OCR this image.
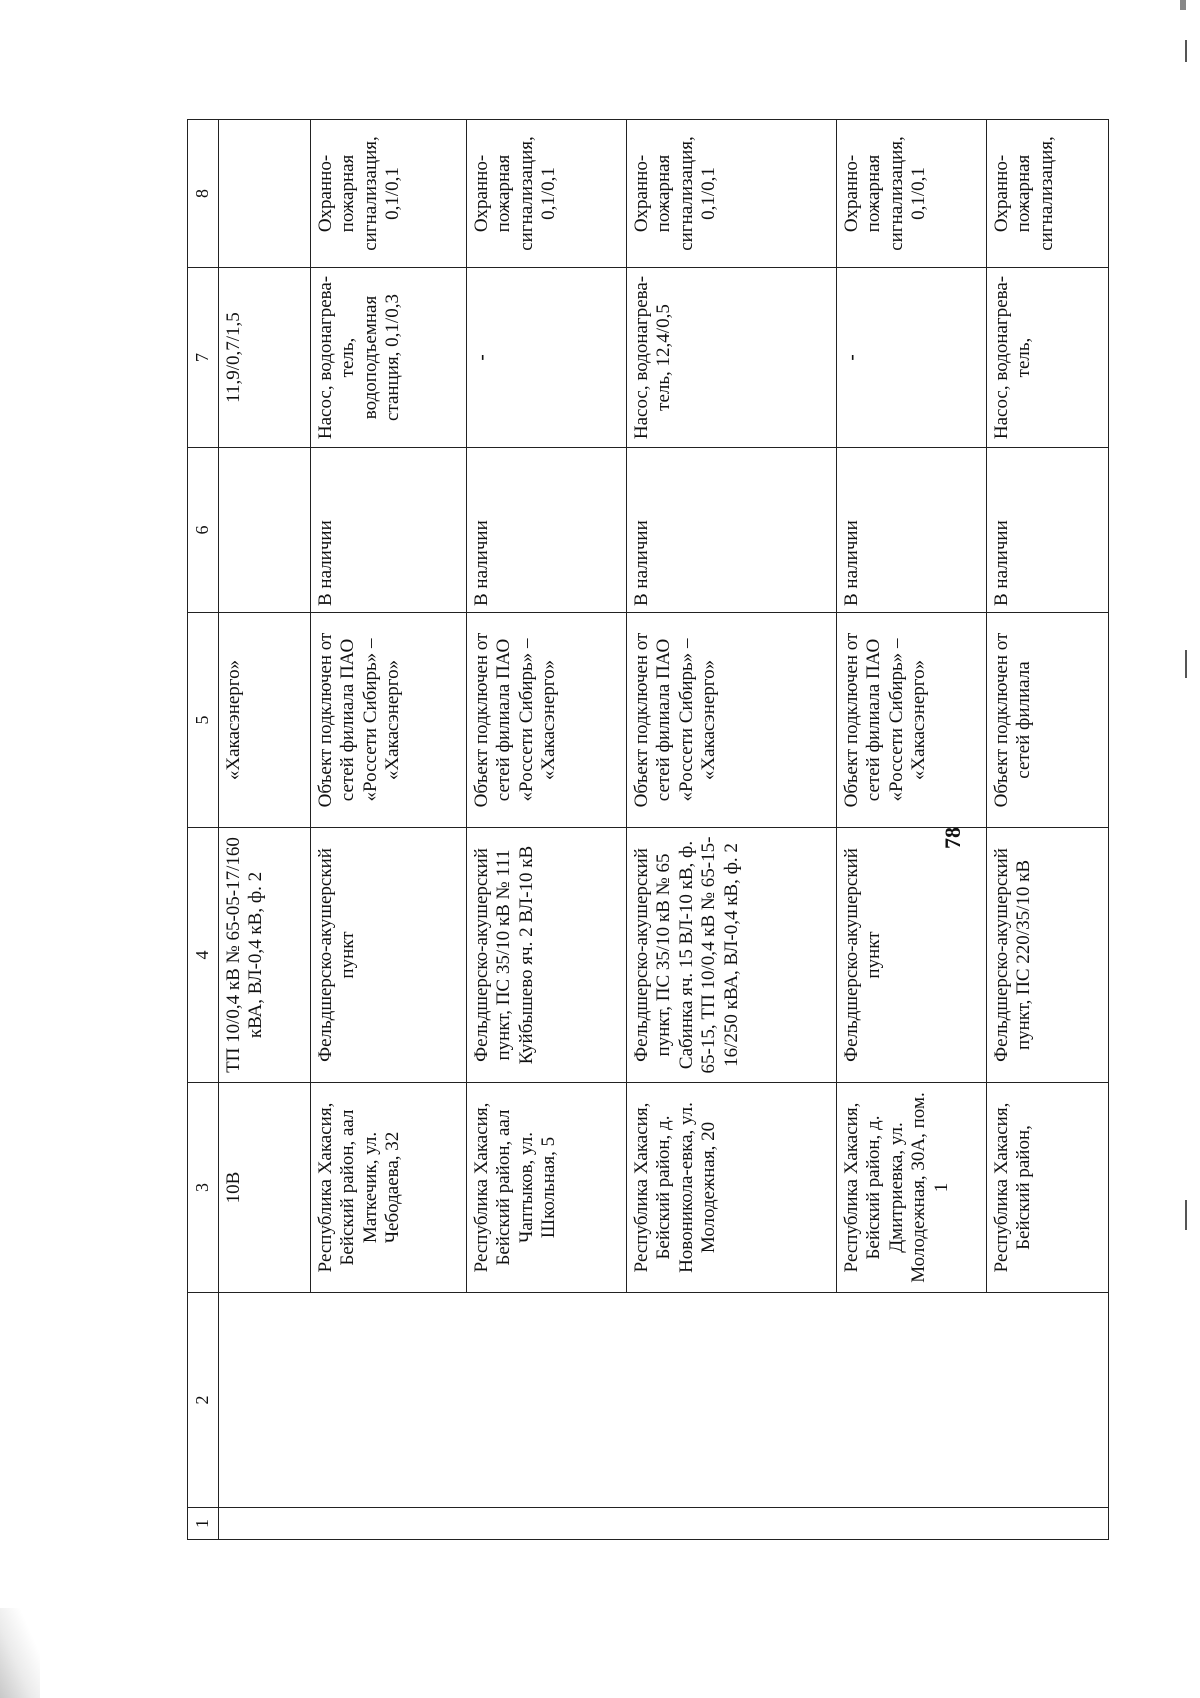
78
1	2	3	4	5	6	7	8
		10В	ТП 10/0,4 кВ № 65-05-17/160 кВА, ВЛ-0,4 кВ, ф. 2	«Хакасэнерго»		11,9/0,7/1,5	
		Республика Хакасия, Бейский район, аал Маткечик, ул. Чебодаева, 32	Фельдшерско-акушерский пункт	Объект подключен от сетей филиала ПАО «Россети Сибирь» – «Хакасэнерго»	В наличии	Насос, водонагрева-тель, водоподъемная станция, 0,1/0,3	Охранно-пожарная сигнализация, 0,1/0,1
		Республика Хакасия, Бейский район, аал Чаптыков, ул. Школьная, 5	Фельдшерско-акушерский пункт, ПС 35/10 кВ № 111 Куйбышево яч. 2 ВЛ-10 кВ	Объект подключен от сетей филиала ПАО «Россети Сибирь» – «Хакасэнерго»	В наличии	-	Охранно-пожарная сигнализация, 0,1/0,1
		Республика Хакасия, Бейский район, д. Новоникола-евка, ул. Молодежная, 20	Фельдшерско-акушерский пункт, ПС 35/10 кВ № 65 Сабинка яч. 15 ВЛ-10 кВ, ф. 65-15, ТП 10/0,4 кВ № 65-15-16/250 кВА, ВЛ-0,4 кВ, ф. 2	Объект подключен от сетей филиала ПАО «Россети Сибирь» – «Хакасэнерго»	В наличии	Насос, водонагрева-тель, 12,4/0,5	Охранно-пожарная сигнализация, 0,1/0,1
		Республика Хакасия, Бейский район, д. Дмитриевка, ул. Молодежная, 30А, пом. 1	Фельдшерско-акушерский пункт	Объект подключен от сетей филиала ПАО «Россети Сибирь» – «Хакасэнерго»	В наличии	-	Охранно-пожарная сигнализация, 0,1/0,1
		Республика Хакасия, Бейский район,	Фельдшерско-акушерский пункт, ПС 220/35/10 кВ	Объект подключен от сетей филиала	В наличии	Насос, водонагрева-тель,	Охранно-пожарная сигнализация,
